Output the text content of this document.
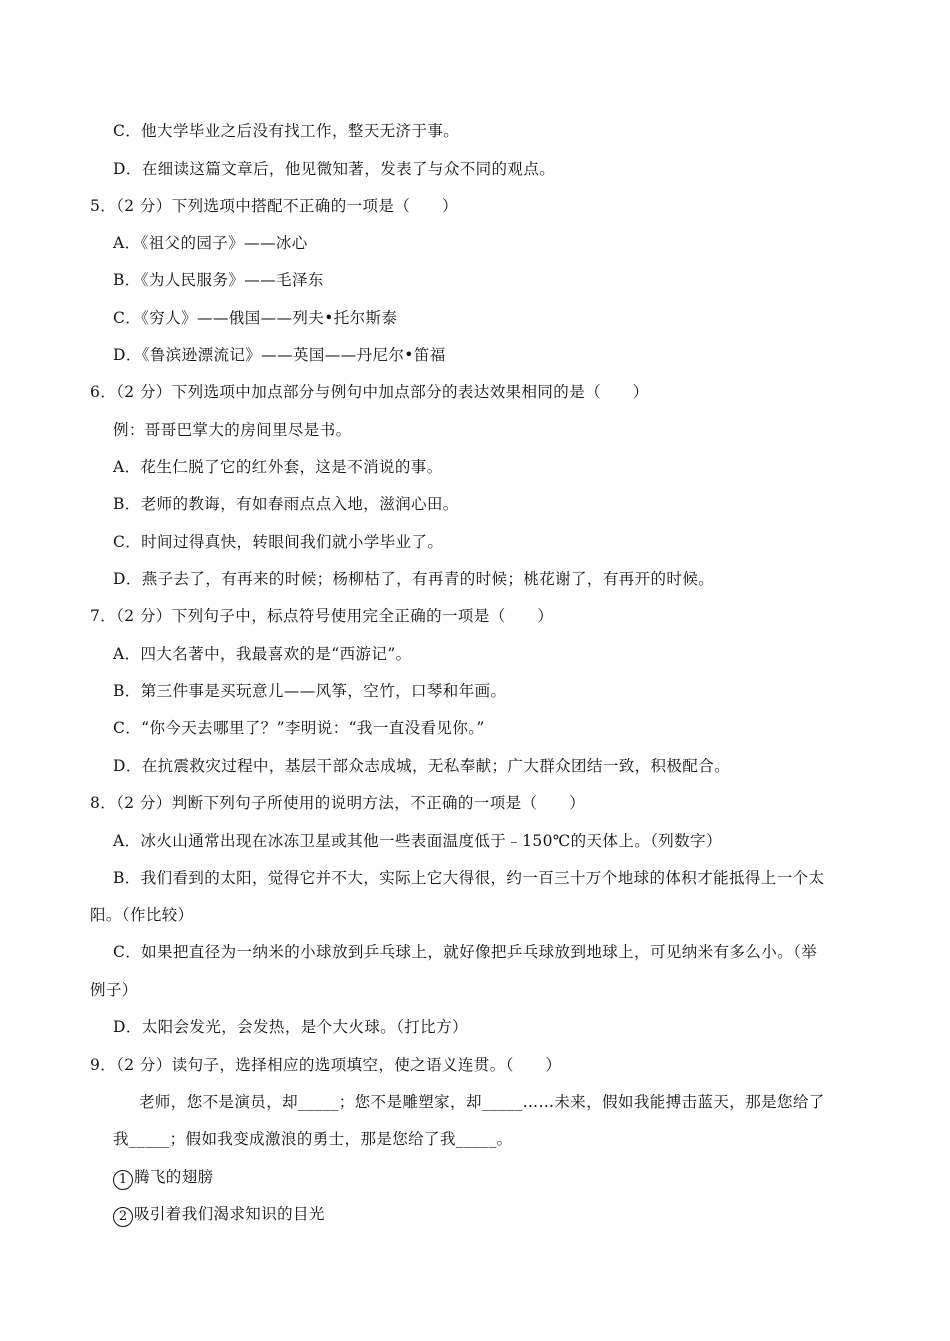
C．他大学毕业之后没有找工作，整天无济于事。
D．在细读这篇文章后，他见微知著，发表了与众不同的观点。
5．（2 分）下列选项中搭配不正确的一项是（　　）
A．《祖父的园子》——冰心
B．《为人民服务》——毛泽东
C．《穷人》——俄国——列夫•托尔斯泰
D．《鲁滨逊漂流记》——英国——丹尼尔•笛福
6．（2 分）下列选项中加点部分与例句中加点部分的表达效果相同的是（　　）
例：哥哥巴掌大的房间里尽是书。
A．花生仁脱了它的红外套，这是不消说的事。
B．老师的教诲，有如春雨点点入地，滋润心田。
C．时间过得真快，转眼间我们就小学毕业了。
D．燕子去了，有再来的时候；杨柳枯了，有再青的时候；桃花谢了，有再开的时候。
7．（2 分）下列句子中，标点符号使用完全正确的一项是（　　）
A．四大名著中，我最喜欢的是“西游记”。
B．第三件事是买玩意儿——风筝，空竹，口琴和年画。
C．“你今天去哪里了？”李明说：“我一直没看见你。”
D．在抗震救灾过程中，基层干部众志成城，无私奉献；广大群众团结一致，积极配合。
8．（2 分）判断下列句子所使用的说明方法，不正确的一项是（　　）
A．冰火山通常出现在冰冻卫星或其他一些表面温度低于﹣150℃的天体上。（列数字）
B．我们看到的太阳，觉得它并不大，实际上它大得很，约一百三十万个地球的体积才能抵得上一个太
阳。（作比较）
C．如果把直径为一纳米的小球放到乒乓球上，就好像把乒乓球放到地球上，可见纳米有多么小。（举
例子）
D．太阳会发光，会发热，是个大火球。（打比方）
9．（2 分）读句子，选择相应的选项填空，使之语义连贯。（　　）
老师，您不是演员，却_____；您不是雕塑家，却_____……未来，假如我能搏击蓝天，那是您给了
我_____；假如我变成激浪的勇士，那是您给了我_____。
1 腾飞的翅膀
2 吸引着我们渴求知识的目光
